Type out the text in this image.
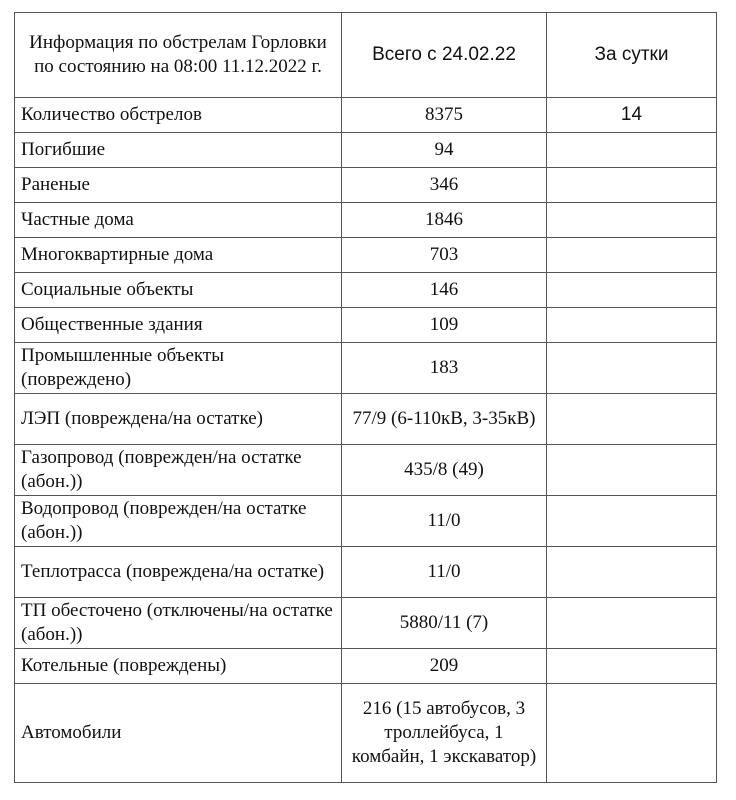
Информация по обстрелам Горловки по состоянию на 08:00 11.12.2022 г.	Всего с 24.02.22	За сутки
Количество обстрелов	8375	14
Погибшие	94	
Раненые	346	
Частные дома	1846	
Многоквартирные дома	703	
Социальные объекты	146	
Общественные здания	109	
Промышленные объекты (повреждено)	183	
ЛЭП (повреждена/на остатке)	77/9 (6-110кВ, 3-35кВ)	
Газопровод (поврежден/на остатке (абон.))	435/8 (49)	
Водопровод (поврежден/на остатке (абон.))	11/0	
Теплотрасса (повреждена/на остатке)	11/0	
ТП обесточено (отключены/на остатке (абон.))	5880/11 (7)	
Котельные (повреждены)	209	
Автомобили	216 (15 автобусов, 3 троллейбуса, 1 комбайн, 1 экскаватор)	
